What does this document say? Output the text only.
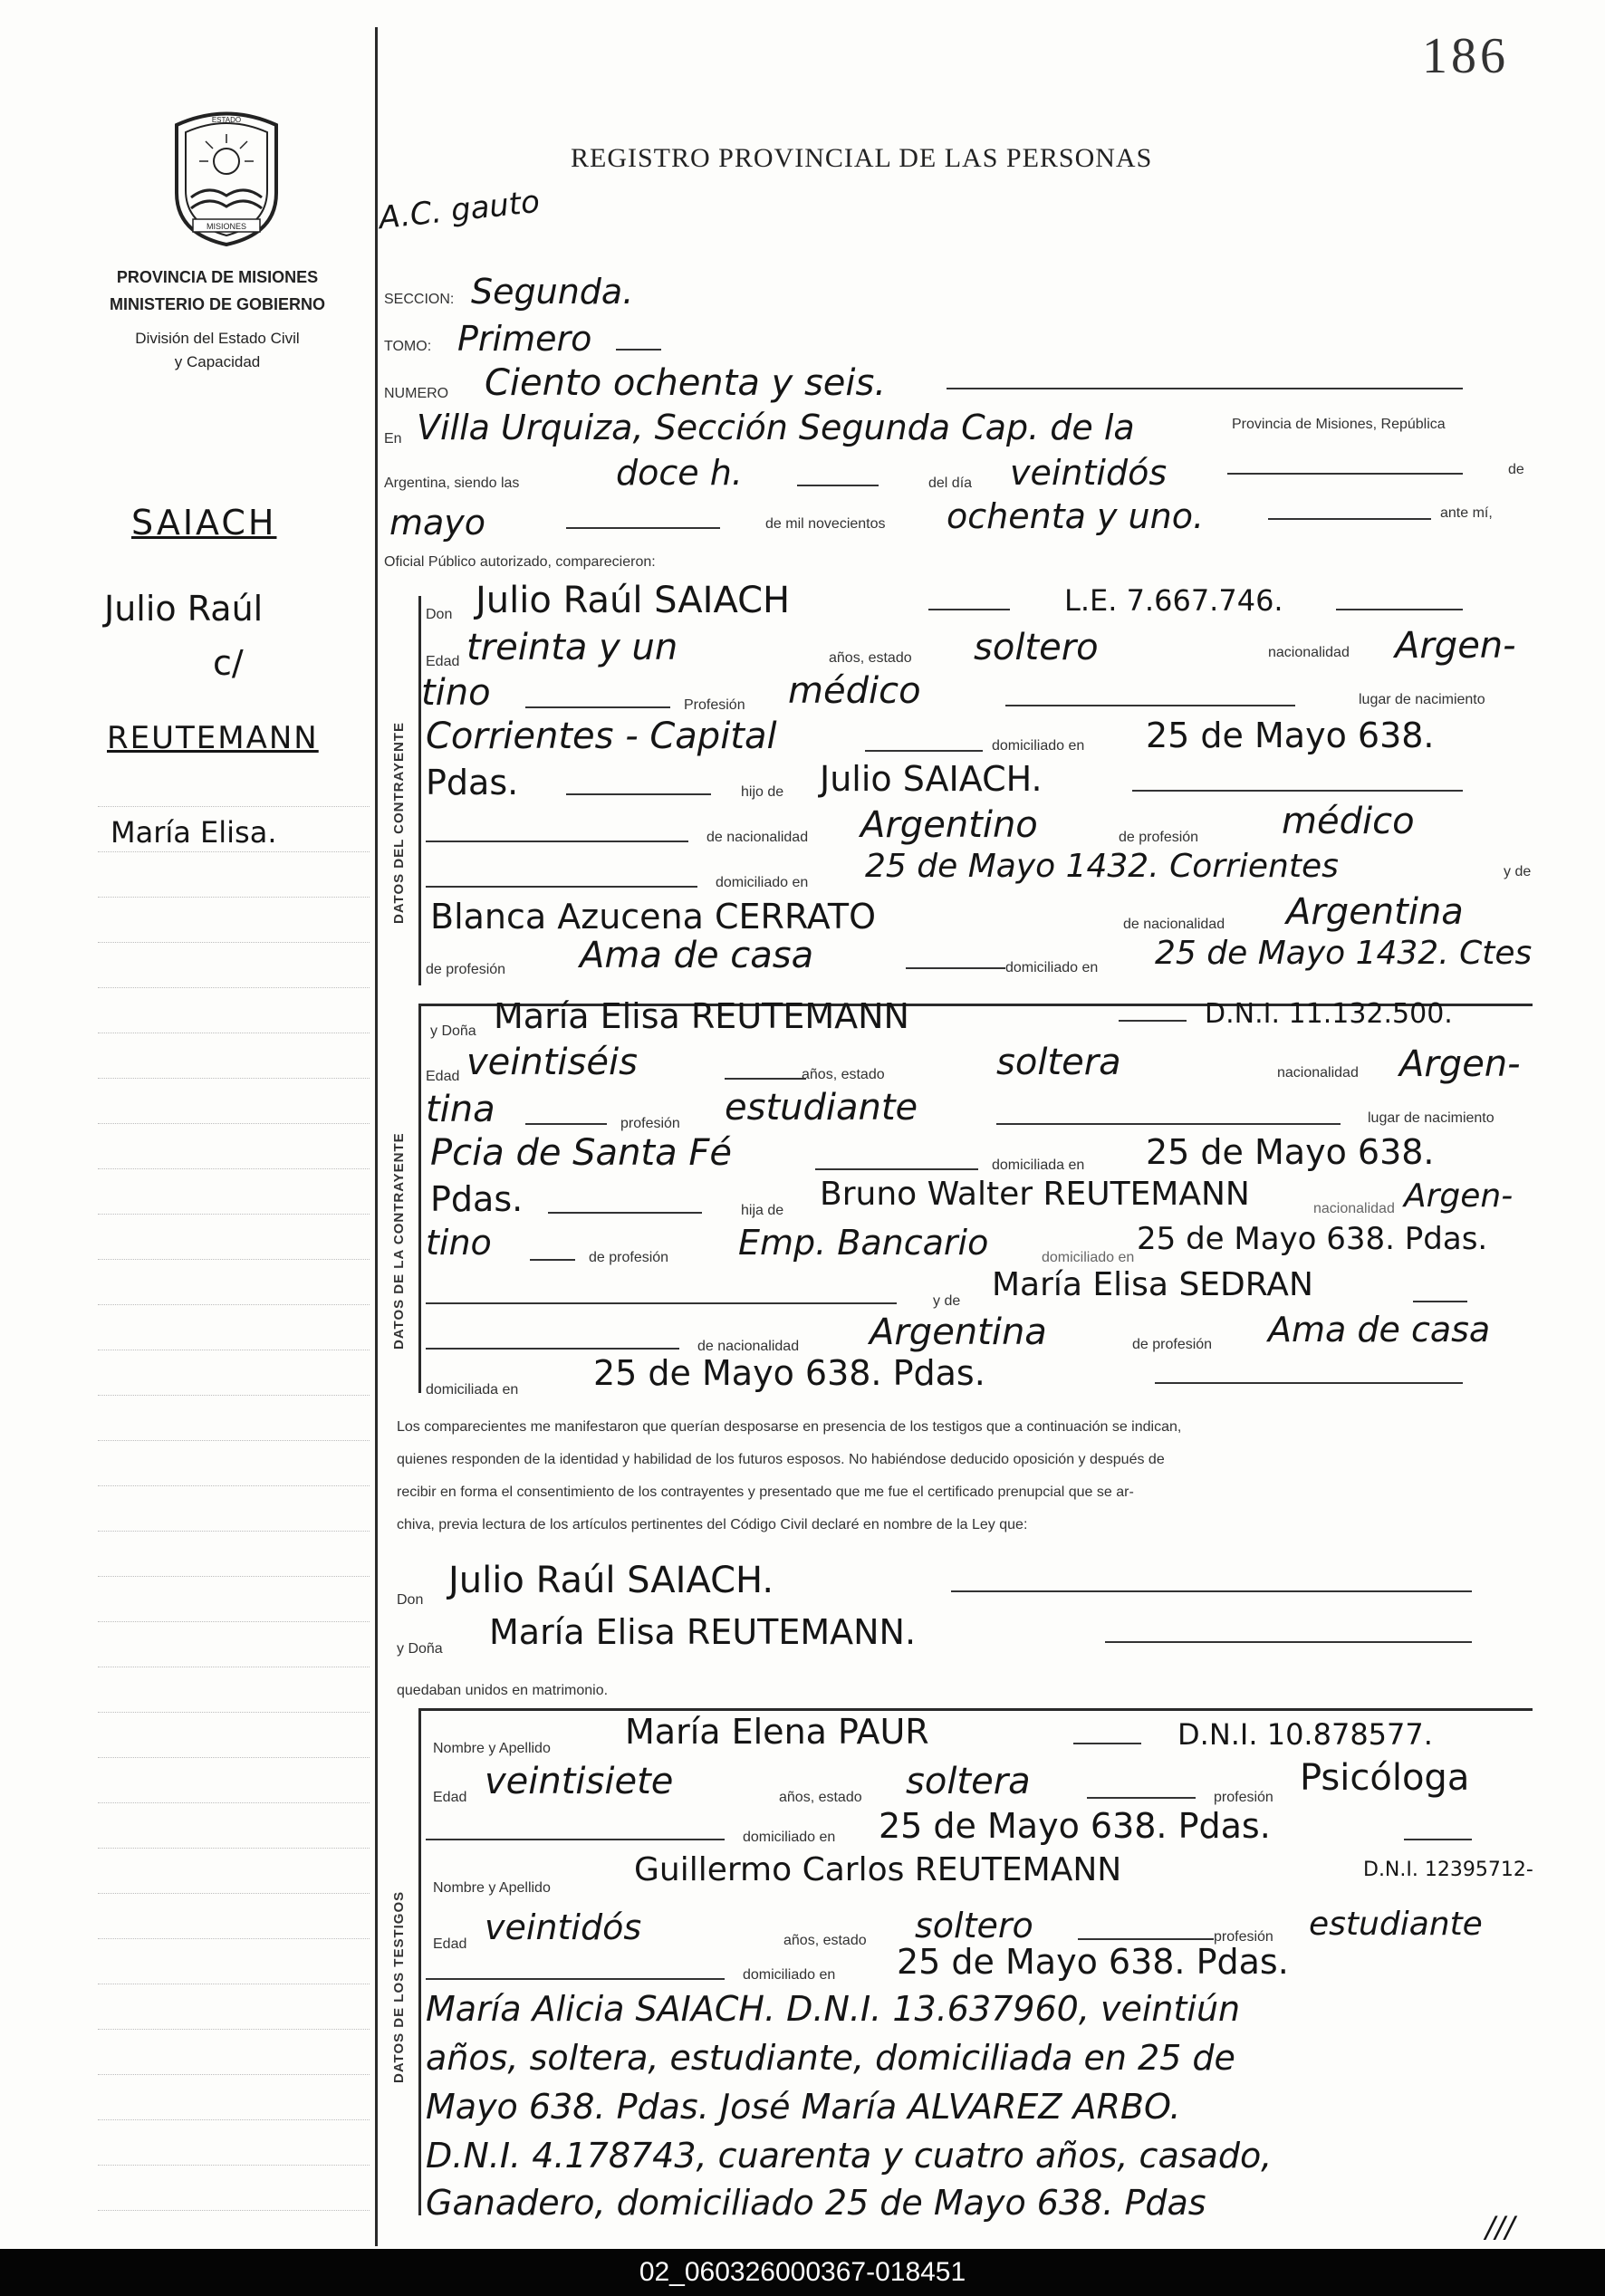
186
MISIONES
ESTADO
PROVINCIA DE MISIONES
MINISTERIO DE GOBIERNO
División del Estado Civil
y Capacidad
REGISTRO PROVINCIAL DE LAS PERSONAS
A.C. gauto
SAIACH
Julio Raúl
c/
REUTEMANN
María Elisa.
SECCION: Segunda.
TOMO: Primero
NUMERO Ciento ochenta y seis.
En Villa Urquiza, Sección Segunda Cap. de la	Provincia de Misiones, República
Argentina, siendo las	doce h.	del día veintidós	de
mayo	de mil novecientos ochenta y uno.	ante mí,
Oficial Público autorizado, comparecieron:
DATOS DEL CONTRAYENTE
Don Julio Raúl SAIACH	L.E. 7.667.746.
Edad treinta y un	años, estado soltero	nacionalidad Argen-
tino	Profesión médico	lugar de nacimiento
Corrientes - Capital	domiciliado en 25 de Mayo 638.
Pdas.	hijo de Julio SAIACH.
de nacionalidad Argentino	de profesión médico
domiciliado en 25 de Mayo 1432. Corrientes	y de
Blanca Azucena CERRATO	de nacionalidad Argentina
de profesión Ama de casa	domiciliado en 25 de Mayo 1432. Ctes
DATOS DE LA CONTRAYENTE
y Doña María Elisa REUTEMANN	D.N.I. 11.132.500.
Edad veintiséis	años, estado	soltera	nacionalidad Argen-
tina	profesión estudiante	lugar de nacimiento
Pcia de Santa Fé	domiciliada en 25 de Mayo 638.
Pdas.	hija de Bruno Walter REUTEMANN	nacionalidad Argen-
tino	de profesión Emp. Bancario	domiciliado en
25 de Mayo 638. Pdas.
y de María Elisa SEDRAN
de nacionalidad Argentina	de profesión Ama de casa
domiciliada en 25 de Mayo 638. Pdas.
Los comparecientes me manifestaron que querían desposarse en presencia de los testigos que a continuación se indican,
quienes responden de la identidad y habilidad de los futuros esposos. No habiéndose deducido oposición y después de
recibir en forma el consentimiento de los contrayentes y presentado que me fue el certificado prenupcial que se ar-
chiva, previa lectura de los artículos pertinentes del Código Civil declaré en nombre de la Ley que:
Don Julio Raúl SAIACH.
y Doña María Elisa REUTEMANN.
quedaban unidos en matrimonio.
DATOS DE LOS TESTIGOS
Nombre y Apellido María Elena PAUR	D.N.I. 10.878577.
Edad veintisiete	años, estado soltera	profesión Psicóloga
domiciliado en 25 de Mayo 638. Pdas.
Nombre y Apellido	Guillermo Carlos REUTEMANN	D.N.I. 12395712-
Edad veintidós	años, estado soltero	profesión estudiante
domiciliado en 25 de Mayo 638. Pdas.
María Alicia SAIACH. D.N.I. 13.637960, veintiún
años, soltera, estudiante, domiciliada en 25 de
Mayo 638. Pdas. José María ALVAREZ ARBO.
D.N.I. 4.178743, cuarenta y cuatro años, casado,
Ganadero, domiciliado 25 de Mayo 638. Pdas
///
02_060326000367-018451
